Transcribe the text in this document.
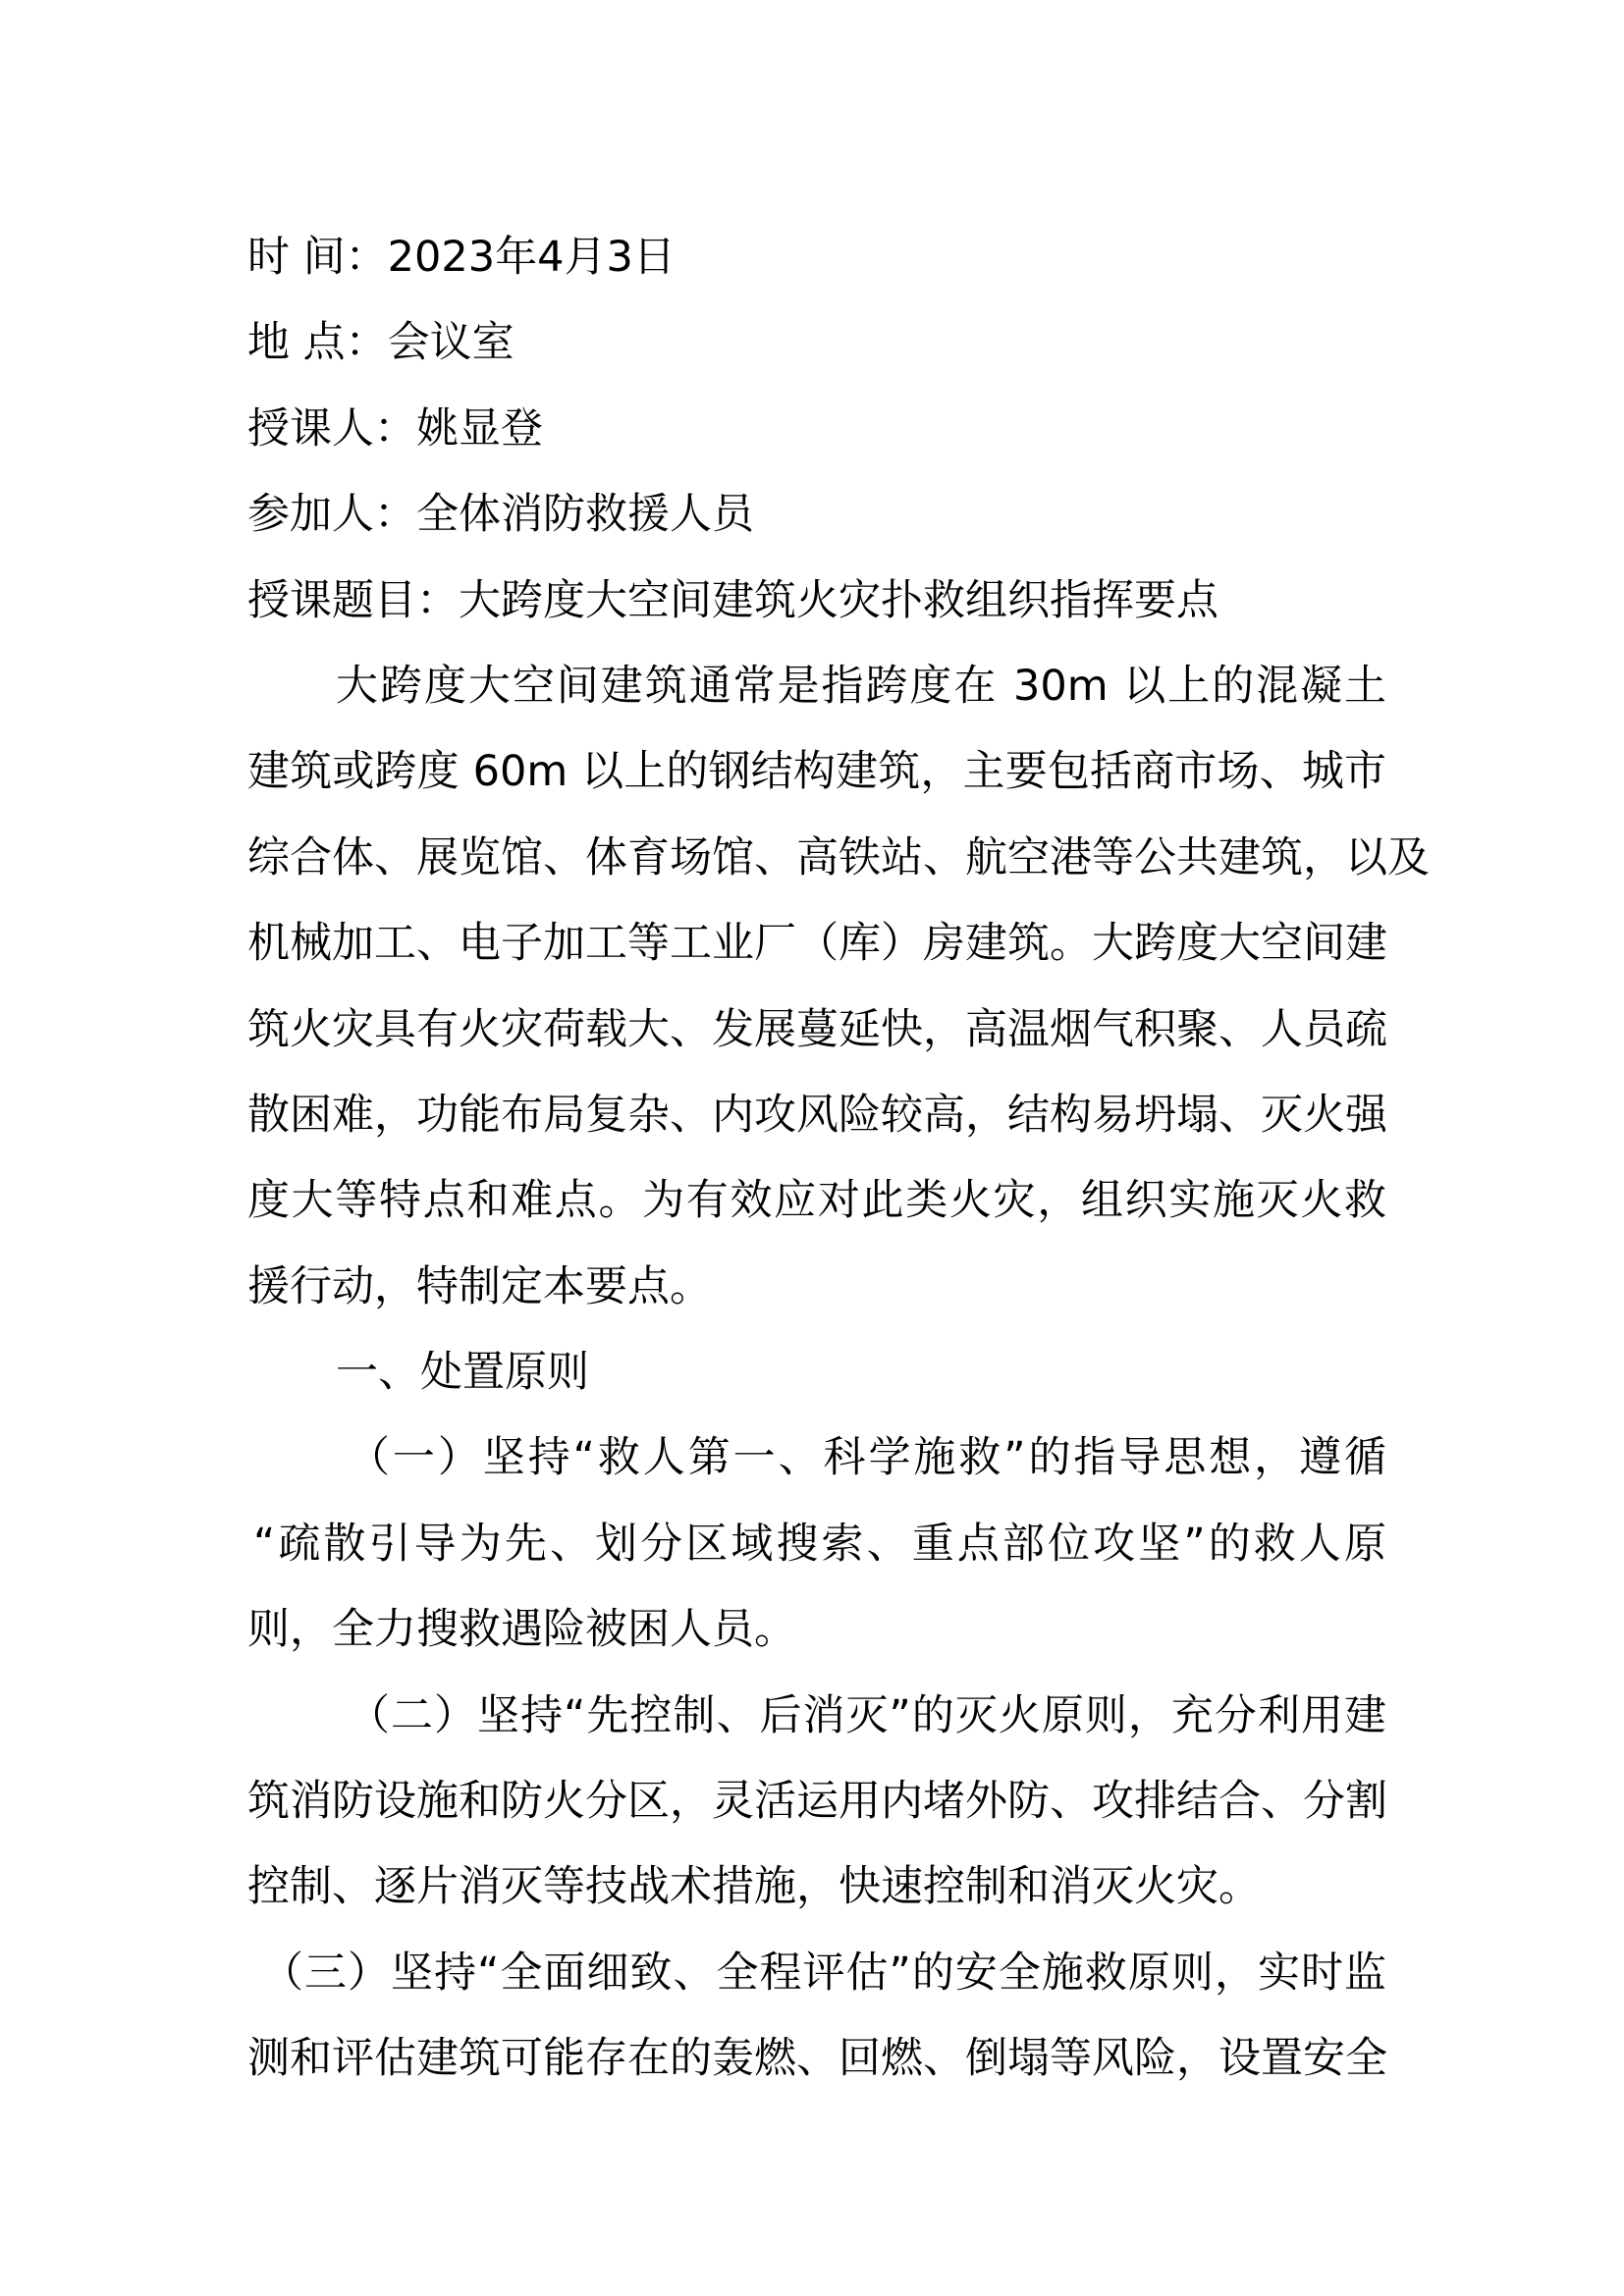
时 间：2023年4月3日
地 点：会议室
授课人：姚显登
参加人：全体消防救援人员
授课题目：大跨度大空间建筑火灾扑救组织指挥要点
大跨度大空间建筑通常是指跨度在 30m 以上的混凝土
建筑或跨度 60m 以上的钢结构建筑，主要包括商市场、城市
综合体、展览馆、体育场馆、高铁站、航空港等公共建筑，以及
机械加工、电子加工等工业厂（库）房建筑。大跨度大空间建
筑火灾具有火灾荷载大、发展蔓延快，高温烟气积聚、人员疏
散困难，功能布局复杂、内攻风险较高，结构易坍塌、灭火强
度大等特点和难点。为有效应对此类火灾，组织实施灭火救
援行动，特制定本要点。
一、处置原则
（一）坚持“救人第一、科学施救”的指导思想，遵循
“疏散引导为先、划分区域搜索、重点部位攻坚”的救人原
则，全力搜救遇险被困人员。
（二）坚持“先控制、后消灭”的灭火原则，充分利用建
筑消防设施和防火分区，灵活运用内堵外防、攻排结合、分割
控制、逐片消灭等技战术措施，快速控制和消灭火灾。
（三）坚持“全面细致、全程评估”的安全施救原则，实时监
测和评估建筑可能存在的轰燃、回燃、倒塌等风险，设置安全
